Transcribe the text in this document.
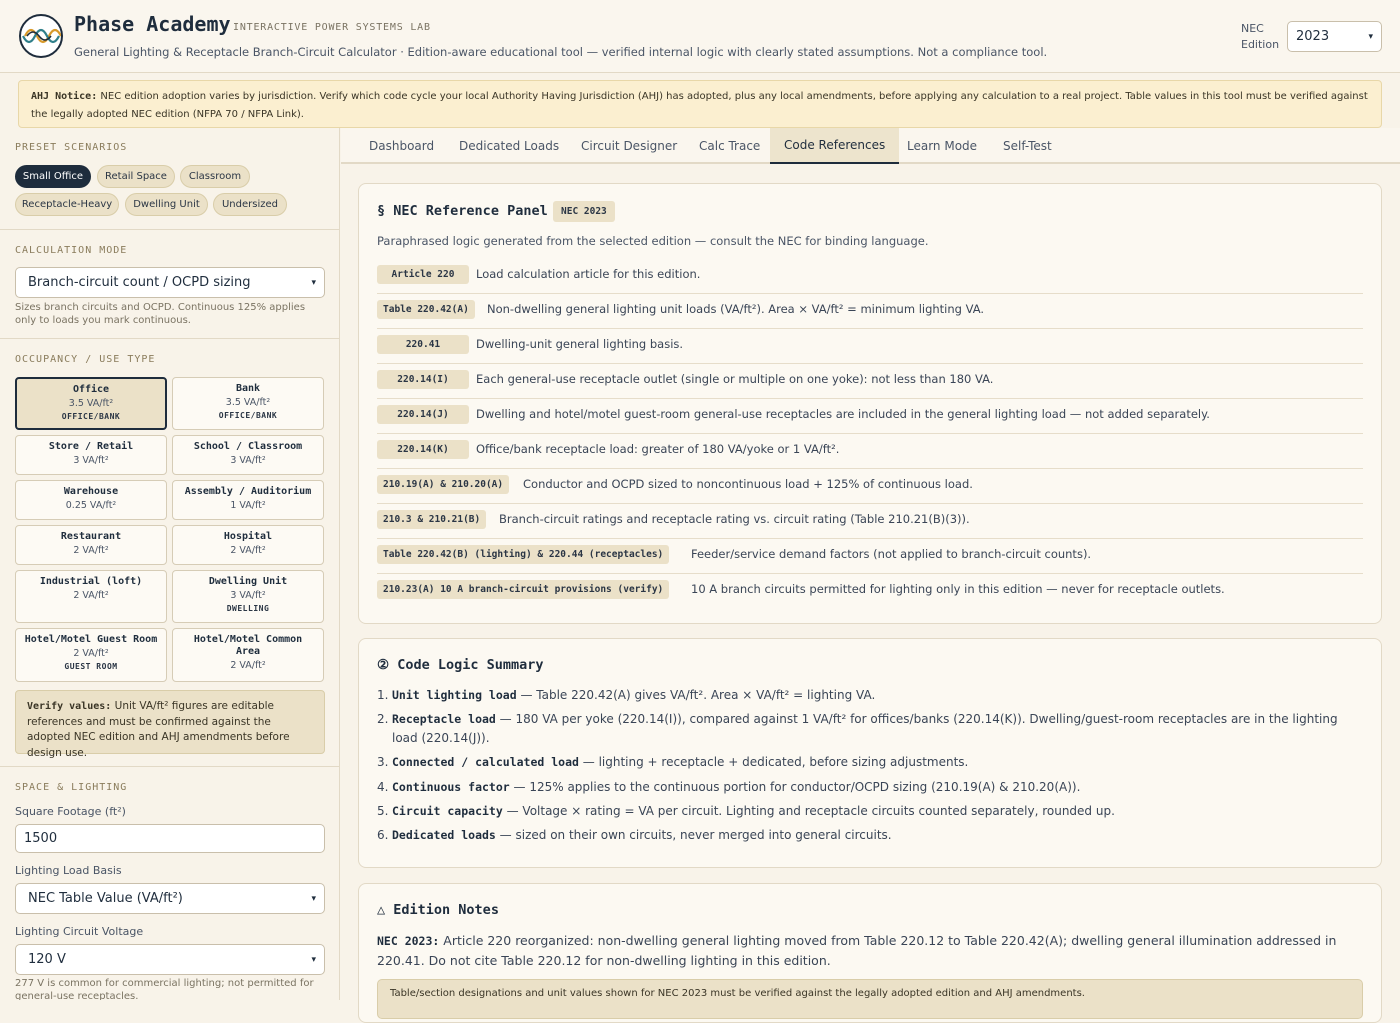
Phase Academy INTERACTIVE POWER SYSTEMS LAB
General Lighting & Receptacle Branch-Circuit Calculator · Edition-aware educational tool — verified internal logic with clearly stated assumptions. Not a compliance tool.
NEC
Edition
2023	▾
AHJ Notice: NEC edition adoption varies by jurisdiction. Verify which code cycle your local Authority Having Jurisdiction (AHJ) has adopted, plus any local amendments, before applying any calculation to a real project. Table values in this tool must be verified against the legally adopted NEC edition (NFPA 70 / NFPA Link).
PRESET SCENARIOS
Small Office	Retail Space	Classroom
Receptacle-Heavy	Dwelling Unit	Undersized
CALCULATION MODE
Branch-circuit count / OCPD sizing	▾
Sizes branch circuits and OCPD. Continuous 125% applies only to loads you mark continuous.
OCCUPANCY / USE TYPE
Office
3.5 VA/ft²
OFFICE/BANK
Bank
3.5 VA/ft²
OFFICE/BANK
Store / Retail
3 VA/ft²
School / Classroom
3 VA/ft²
Warehouse
0.25 VA/ft²
Assembly / Auditorium
1 VA/ft²
Restaurant
2 VA/ft²
Hospital
2 VA/ft²
Industrial (loft)
2 VA/ft²
Dwelling Unit
3 VA/ft²
DWELLING
Hotel/Motel Guest Room
2 VA/ft²
GUEST ROOM
Hotel/Motel Common Area
2 VA/ft²
Verify values: Unit VA/ft² figures are editable references and must be confirmed against the adopted NEC edition and AHJ amendments before design use.
SPACE & LIGHTING
Square Footage (ft²)
1500
Lighting Load Basis
NEC Table Value (VA/ft²)	▾
Lighting Circuit Voltage
120 V	▾
277 V is common for commercial lighting; not permitted for general-use receptacles.
Dashboard	Dedicated Loads	Circuit Designer	Calc Trace	Code References	Learn Mode	Self-Test
§ NEC Reference Panel	NEC 2023
Paraphrased logic generated from the selected edition — consult the NEC for binding language.
Article 220	Load calculation article for this edition.
Table 220.42(A)	Non-dwelling general lighting unit loads (VA/ft²). Area × VA/ft² = minimum lighting VA.
220.41	Dwelling-unit general lighting basis.
220.14(I)	Each general-use receptacle outlet (single or multiple on one yoke): not less than 180 VA.
220.14(J)	Dwelling and hotel/motel guest-room general-use receptacles are included in the general lighting load — not added separately.
220.14(K)	Office/bank receptacle load: greater of 180 VA/yoke or 1 VA/ft².
210.19(A) & 210.20(A)	Conductor and OCPD sized to noncontinuous load + 125% of continuous load.
210.3 & 210.21(B)	Branch-circuit ratings and receptacle rating vs. circuit rating (Table 210.21(B)(3)).
Table 220.42(B) (lighting) & 220.44 (receptacles)	Feeder/service demand factors (not applied to branch-circuit counts).
210.23(A) 10 A branch-circuit provisions (verify)	10 A branch circuits permitted for lighting only in this edition — never for receptacle outlets.
② Code Logic Summary
1. Unit lighting load — Table 220.42(A) gives VA/ft². Area × VA/ft² = lighting VA.
2. Receptacle load — 180 VA per yoke (220.14(I)), compared against 1 VA/ft² for offices/banks (220.14(K)). Dwelling/guest-room receptacles are in the lighting load (220.14(J)).
3. Connected / calculated load — lighting + receptacle + dedicated, before sizing adjustments.
4. Continuous factor — 125% applies to the continuous portion for conductor/OCPD sizing (210.19(A) & 210.20(A)).
5. Circuit capacity — Voltage × rating = VA per circuit. Lighting and receptacle circuits counted separately, rounded up.
6. Dedicated loads — sized on their own circuits, never merged into general circuits.
△ Edition Notes
NEC 2023: Article 220 reorganized: non-dwelling general lighting moved from Table 220.12 to Table 220.42(A); dwelling general illumination addressed in 220.41. Do not cite Table 220.12 for non-dwelling lighting in this edition.
Table/section designations and unit values shown for NEC 2023 must be verified against the legally adopted edition and AHJ amendments.
